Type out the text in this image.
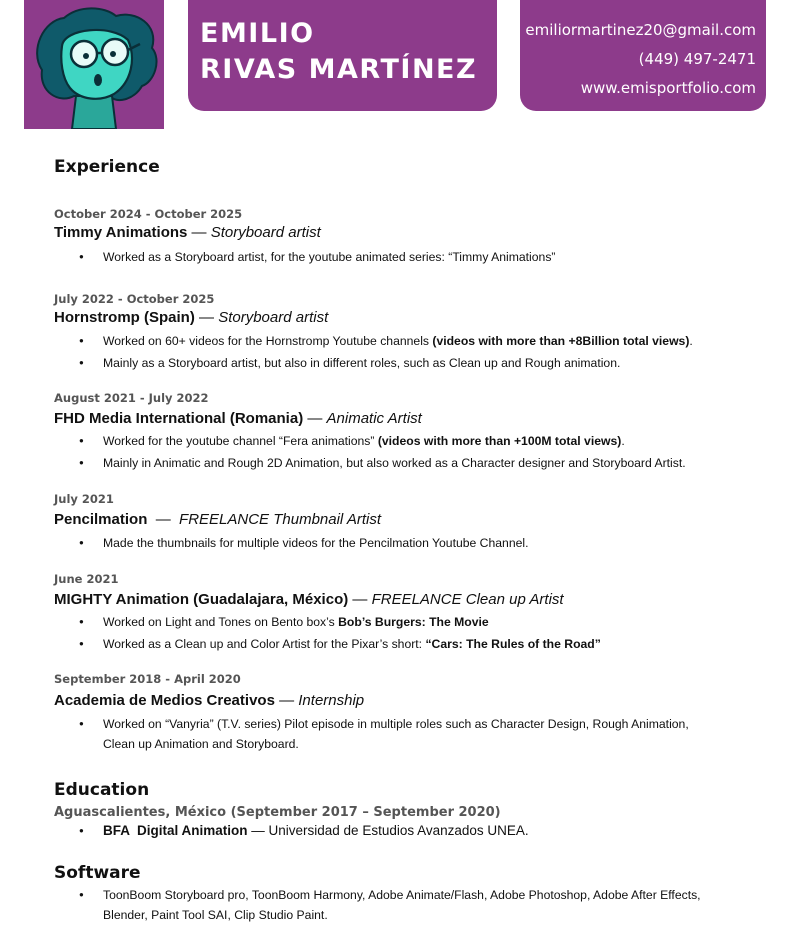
EMILIO
RIVAS MARTÍNEZ
emiliormartinez20@gmail.com
(449) 497-2471
www.emisportfolio.com
Experience
October 2024 - October 2025
Timmy Animations — Storyboard artist
● Worked as a Storyboard artist, for the youtube animated series: “Timmy Animations”
July 2022 - October 2025
Hornstromp (Spain) — Storyboard artist
● Worked on 60+ videos for the Hornstromp Youtube channels (videos with more than +8Billion total views).
● Mainly as a Storyboard artist, but also in different roles, such as Clean up and Rough animation.
August 2021 - July 2022
FHD Media International (Romania) — Animatic Artist
● Worked for the youtube channel “Fera animations” (videos with more than +100M total views).
● Mainly in Animatic and Rough 2D Animation, but also worked as a Character designer and Storyboard Artist.
July 2021
Pencilmation  —  FREELANCE Thumbnail Artist
● Made the thumbnails for multiple videos for the Pencilmation Youtube Channel.
June 2021
MIGHTY Animation (Guadalajara, México) — FREELANCE Clean up Artist
● Worked on Light and Tones on Bento box’s Bob’s Burgers: The Movie
● Worked as a Clean up and Color Artist for the Pixar’s short: “Cars: The Rules of the Road”
September 2018 - April 2020
Academia de Medios Creativos — Internship
● Worked on “Vanyria” (T.V. series) Pilot episode in multiple roles such as Character Design, Rough Animation, Clean up Animation and Storyboard.
Education
Aguascalientes, México (September 2017 – September 2020)
● BFA  Digital Animation — Universidad de Estudios Avanzados UNEA.
Software
● ToonBoom Storyboard pro, ToonBoom Harmony, Adobe Animate/Flash, Adobe Photoshop, Adobe After Effects, Blender, Paint Tool SAI, Clip Studio Paint.
